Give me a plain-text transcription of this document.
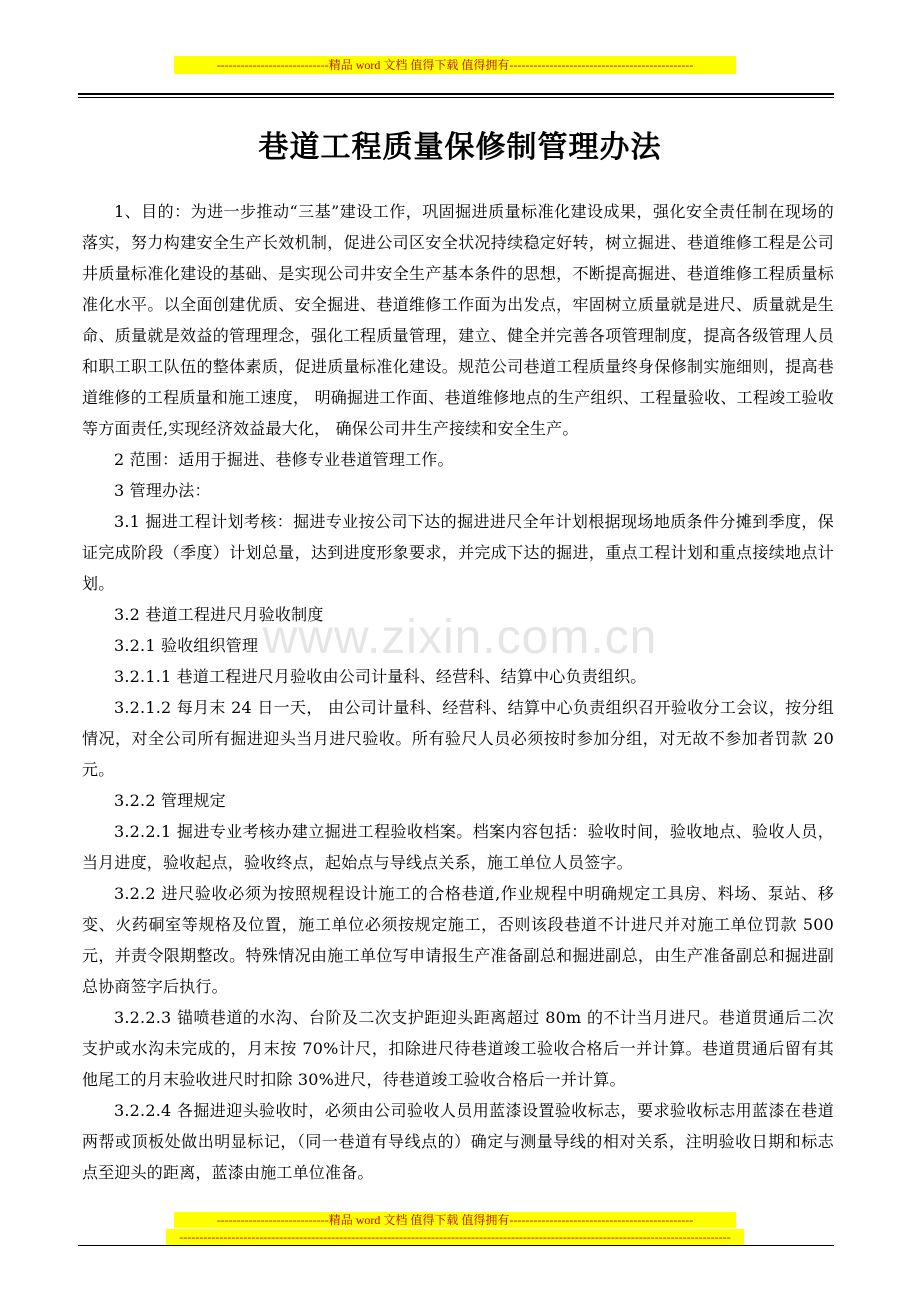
----------------------------精品 word 文档 值得下载 值得拥有----------------------------------------------
巷道工程质量保修制管理办法
www.zixin.com.cn

1、目的：为进一步推动“三基”建设工作，巩固掘进质量标准化建设成果，强化安全责任制在现场的落实，努力构建安全生产长效机制，促进公司区安全状况持续稳定好转，树立掘进、巷道维修工程是公司井质量标准化建设的基础、是实现公司井安全生产基本条件的思想，不断提高掘进、巷道维修工程质量标准化水平。以全面创建优质、安全掘进、巷道维修工作面为出发点，牢固树立质量就是进尺、质量就是生命、质量就是效益的管理理念，强化工程质量管理，建立、健全并完善各项管理制度，提高各级管理人员和职工职工队伍的整体素质，促进质量标准化建设。规范公司巷道工程质量终身保修制实施细则，提高巷道维修的工程质量和施工速度， 明确掘进工作面、巷道维修地点的生产组织、工程量验收、工程竣工验收等方面责任,实现经济效益最大化， 确保公司井生产接续和安全生产。

2 范围：适用于掘进、巷修专业巷道管理工作。

3 管理办法：

3.1 掘进工程计划考核：掘进专业按公司下达的掘进进尺全年计划根据现场地质条件分摊到季度，保证完成阶段（季度）计划总量，达到进度形象要求，并完成下达的掘进，重点工程计划和重点接续地点计划。

3.2 巷道工程进尺月验收制度

3.2.1 验收组织管理

3.2.1.1 巷道工程进尺月验收由公司计量科、经营科、结算中心负责组织。

3.2.1.2 每月末 24 日一天， 由公司计量科、经营科、结算中心负责组织召开验收分工会议，按分组情况，对全公司所有掘进迎头当月进尺验收。所有验尺人员必须按时参加分组，对无故不参加者罚款 20 元。

3.2.2 管理规定

3.2.2.1 掘进专业考核办建立掘进工程验收档案。档案内容包括：验收时间，验收地点、验收人员，当月进度，验收起点，验收终点，起始点与导线点关系，施工单位人员签字。

3.2.2 进尺验收必须为按照规程设计施工的合格巷道,作业规程中明确规定工具房、料场、泵站、移变、火药硐室等规格及位置，施工单位必须按规定施工，否则该段巷道不计进尺并对施工单位罚款 500 元，并责令限期整改。特殊情况由施工单位写申请报生产准备副总和掘进副总，由生产准备副总和掘进副总协商签字后执行。

3.2.2.3 锚喷巷道的水沟、台阶及二次支护距迎头距离超过 80m 的不计当月进尺。巷道贯通后二次支护或水沟未完成的，月末按 70%计尺，扣除进尺待巷道竣工验收合格后一并计算。巷道贯通后留有其他尾工的月末验收进尺时扣除 30%进尺，待巷道竣工验收合格后一并计算。

3.2.2.4 各掘进迎头验收时，必须由公司验收人员用蓝漆设置验收标志，要求验收标志用蓝漆在巷道两帮或顶板处做出明显标记，（同一巷道有导线点的）确定与测量导线的相对关系，注明验收日期和标志点至迎头的距离，蓝漆由施工单位准备。

----------------------------精品 word 文档 值得下载 值得拥有----------------------------------------------
------------------------------------------------------------------------------------------------------------------------------------------
